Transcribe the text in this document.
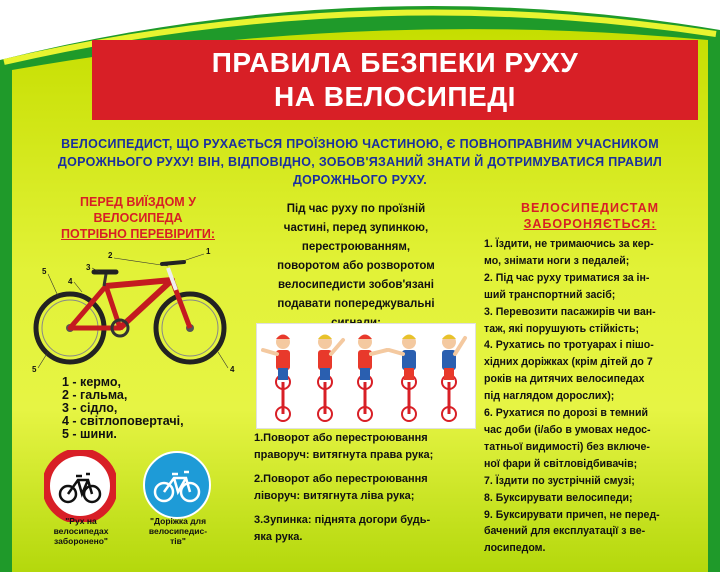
ПРАВИЛА БЕЗПЕКИ РУХУ
НА ВЕЛОСИПЕДІ
ВЕЛОСИПЕДИСТ, ЩО РУХАЄТЬСЯ ПРОЇЗНОЮ ЧАСТИНОЮ, Є ПОВНОПРАВНИМ УЧАСНИКОМ
ДОРОЖНЬОГО РУХУ! ВІН, ВІДПОВІДНО, ЗОБОВ'ЯЗАНИЙ ЗНАТИ Й ДОТРИМУВАТИСЯ ПРАВИЛ
ДОРОЖНЬОГО РУХУ.
ПЕРЕД ВИЇЗДОМ У
ВЕЛОСИПЕДА
ПОТРІБНО ПЕРЕВІРИТИ:
1
2
3
4
5
5	4
1 - кермо,
2 - гальма,
3 - сідло,
4 - світлоповертачі,
5 - шини.
"Рух на
велосипедах
заборонено"
"Доріжка для
велосипедис-
тів"
Під час руху по проїзній
частині, перед зупинкою,
перестроюванням,
поворотом або розворотом
велосипедисти зобов'язані
подавати попереджувальні

1.Поворот або перестроювання
праворуч: витягнута права рука;

2.Поворот або перестроювання
ліворуч: витягнута ліва рука;

3.Зупинка: піднята догори будь-
яка рука.

ВЕЛОСИПЕДИСТАМ
ЗАБОРОНЯЄТЬСЯ:
1. Їздити, не тримаючись за кер-
мо, знімати ноги з педалей;
2. Під час руху триматися за ін-
ший транспортний засіб;
3. Перевозити пасажирів чи ван-
таж, які порушують стійкість;
4. Рухатись по тротуарах і пішо-
хідних доріжках (крім дітей до 7
років на дитячих велосипедах
під наглядом дорослих);
6. Рухатися по дорозі в темний
час доби (і/або в умовах недос-
татньої видимості) без включе-
ної фари й світловідбивачів;
7. Їздити по зустрічній смузі;
8. Буксирувати велосипеди;
9. Буксирувати причеп, не перед-
бачений для експлуатації з ве-
лосипедом.
